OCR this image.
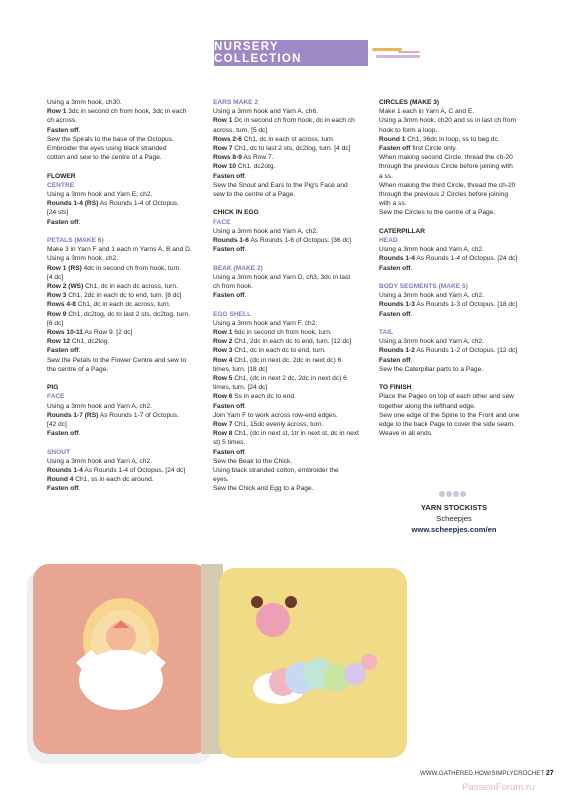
NURSERY COLLECTION

Using a 3mm hook, ch30.

Row 1 3dc in second ch from hook, 3dc in each

ch across.

Fasten off.

Sew the Spirals to the base of the Octopus.

Embroider the eyes using black stranded

cotton and sew to the centre of a Page.

FLOWER

CENTRE

Using a 3mm hook and Yarn E, ch2.

Rounds 1-4 (RS) As Rounds 1-4 of Octopus.

[24 sts]

Fasten off.

PETALS (MAKE 6)

Make 3 in Yarn F and 1 each in Yarns A, B and D.

Using a 3mm hook, ch2.

Row 1 (RS) 4dc in second ch from hook, turn.

[4 dc]

Row 2 (WS) Ch1, dc in each dc across, turn.

Row 3 Ch1, 2dc in each dc to end, turn. [8 dc]

Rows 4-8 Ch1, dc in each dc across, turn.

Row 9 Ch1, dc2tog, dc to last 2 sts, dc2tog, turn.

[6 dc]

Rows 10-11 As Row 9. [2 dc]

Row 12 Ch1, dc2tog.

Fasten off.

Sew the Petals to the Flower Centre and sew to

the centre of a Page.

PIG

FACE

Using a 3mm hook and Yarn A, ch2.

Rounds 1-7 (RS) As Rounds 1-7 of Octopus.

[42 dc]

Fasten off.

SNOUT

Using a 3mm hook and Yarn A, ch2.

Rounds 1-4 As Rounds 1-4 of Octopus. [24 dc]

Round 4 Ch1, ss in each dc around.

Fasten off.

EARS MAKE 2

Using a 3mm hook and Yarn A, ch6.

Row 1 Dc in second ch from hook, dc in each ch

across, turn. [5 dc]

Rows 2-6 Ch1, dc in each st across, turn.

Row 7 Ch1, dc to last 2 sts, dc2tog, turn. [4 dc]

Rows 8-9 As Row 7.

Row 10 Ch1, dc2otg.

Fasten off.

Sew the Snout and Ears to the Pig's Face and

sew to the centre of a Page.

CHICK IN EGG

FACE

Using a 3mm hook and Yarn A, ch2.

Rounds 1-6 As Rounds 1-6 of Octopus. [36 dc]

Fasten off.

BEAK (MAKE 2)

Using a 3mm hook and Yarn D, ch3, 3dc in last

ch from hook.

Fasten off.

EGG SHELL

Using a 3mm hook and Yarn F, ch2.

Row 1 6dc in second ch from hook, turn.

Row 2 Ch1, 2dc in each dc to end, turn. [12 dc]

Row 3 Ch1, dc in each dc to end, turn.

Row 4 Ch1, (dc in next dc, 2dc in next dc) 6

times, turn. [18 dc]

Row 5 Ch1, (dc in next 2 dc, 2dc in next dc) 6

times, turn. [24 dc]

Row 6 Ss in each dc to end.

Fasten off.

Join Yarn F to work across row-end edges.

Row 7 Ch1, 15dc evenly across, turn.

Row 8 Ch1, (dc in next st, 1tr in next st, dc in next

st) 5 times.

Fasten off.

Sew the Beak to the Chick.

Using black stranded cotton, embroider the

eyes.

Sew the Chick and Egg to a Page.

CIRCLES (MAKE 3)

Make 1 each in Yarn A, C and E.

Using a 3mm hook, ch20 and ss in last ch from

hook to form a loop.

Round 1 Ch1, 36dc in loop, ss to beg dc.

Fasten off first Circle only.

When making second Circle, thread the ch-20

through the previous Circle before joining with

a ss.

When making the third Circle, thread the ch-20

through the previous 2 Circles before joining

with a ss.

Sew the Circles to the centre of a Page.

CATERPILLAR

HEAD

Using a 3mm hook and Yarn A, ch2.

Rounds 1-4 As Rounds 1-4 of Octopus. [24 dc]

Fasten off.

BODY SEGMENTS (MAKE 5)

Using a 3mm hook and Yarn A, ch2.

Rounds 1-3 As Rounds 1-3 of Octopus. [18 dc]

Fasten off.

TAIL

Using a 3mm hook and Yarn A, ch2.

Rounds 1-2 As Rounds 1-2 of Octopus. [12 dc]

Fasten off.

Sew the Caterpillar parts to a Page.

TO FINISH

Place the Pages on top of each other and sew

together along the lefthand edge.

Sew one edge of the Spine to the Front and one

edge to the back Page to cover the side seam.

Weave in all ends.

YARN STOCKISTS
Scheepjes
www.scheepjes.com/en
WWW.GATHERED.HOW/SIMPLYCROCHET 27
PassionForum.ru
